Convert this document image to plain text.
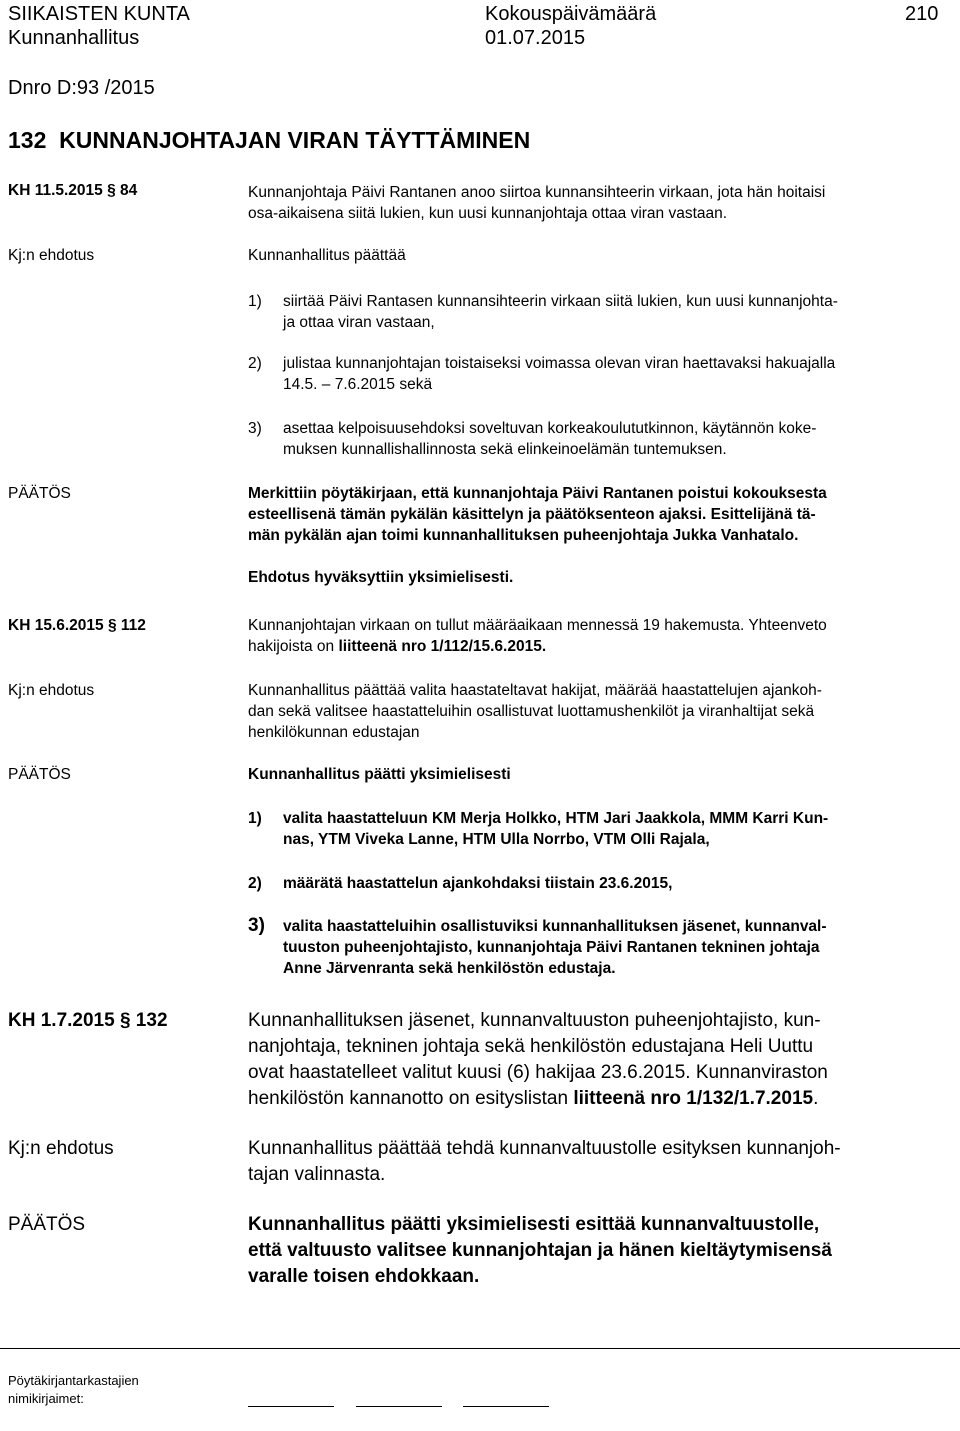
SIIKAISTEN KUNTA	Kokouspäivämäärä	210
Kunnanhallitus	01.07.2015
Dnro D:93 /2015
132 KUNNANJOHTAJAN VIRAN TÄYTTÄMINEN
KH 11.5.2015 § 84	Kunnanjohtaja Päivi Rantanen anoo siirtoa kunnansihteerin virkaan, jota hän hoitaisi
osa-aikaisena siitä lukien, kun uusi kunnanjohtaja ottaa viran vastaan.
Kj:n ehdotus	Kunnanhallitus päättää
1) siirtää Päivi Rantasen kunnansihteerin virkaan siitä lukien, kun uusi kunnanjohta-
ja ottaa viran vastaan,
2) julistaa kunnanjohtajan toistaiseksi voimassa olevan viran haettavaksi hakuajalla
14.5. – 7.6.2015 sekä
3) asettaa kelpoisuusehdoksi soveltuvan korkeakoulututkinnon, käytännön koke-
muksen kunnallishallinnosta sekä elinkeinoelämän tuntemuksen.
PÄÄTÖS	Merkittiin pöytäkirjaan, että kunnanjohtaja Päivi Rantanen poistui kokouksesta
esteellisenä tämän pykälän käsittelyn ja päätöksenteon ajaksi. Esittelijänä tä-
män pykälän ajan toimi kunnanhallituksen puheenjohtaja Jukka Vanhatalo.
Ehdotus hyväksyttiin yksimielisesti.
KH 15.6.2015 § 112	Kunnanjohtajan virkaan on tullut määräaikaan mennessä 19 hakemusta. Yhteenveto
hakijoista on liitteenä nro 1/112/15.6.2015.
Kj:n ehdotus	Kunnanhallitus päättää valita haastateltavat hakijat, määrää haastattelujen ajankoh-
dan sekä valitsee haastatteluihin osallistuvat luottamushenkilöt ja viranhaltijat sekä
henkilökunnan edustajan
PÄÄTÖS	Kunnanhallitus päätti yksimielisesti
1) valita haastatteluun KM Merja Holkko, HTM Jari Jaakkola, MMM Karri Kun-
nas, YTM Viveka Lanne, HTM Ulla Norrbo, VTM Olli Rajala,
2) määrätä haastattelun ajankohdaksi tiistain 23.6.2015,
3) valita haastatteluihin osallistuviksi kunnanhallituksen jäsenet, kunnanval-
tuuston puheenjohtajisto, kunnanjohtaja Päivi Rantanen tekninen johtaja
Anne Järvenranta sekä henkilöstön edustaja.
KH 1.7.2015 § 132	Kunnanhallituksen jäsenet, kunnanvaltuuston puheenjohtajisto, kun-
nanjohtaja, tekninen johtaja sekä henkilöstön edustajana Heli Uuttu
ovat haastatelleet valitut kuusi (6) hakijaa 23.6.2015. Kunnanviraston
henkilöstön kannanotto on esityslistan liitteenä nro 1/132/1.7.2015.
Kj:n ehdotus	Kunnanhallitus päättää tehdä kunnanvaltuustolle esityksen kunnanjoh-
tajan valinnasta.
PÄÄTÖS	Kunnanhallitus päätti yksimielisesti esittää kunnanvaltuustolle,
että valtuusto valitsee kunnanjohtajan ja hänen kieltäytymisensä
varalle toisen ehdokkaan.
Pöytäkirjantarkastajien
nimikirjaimet:
